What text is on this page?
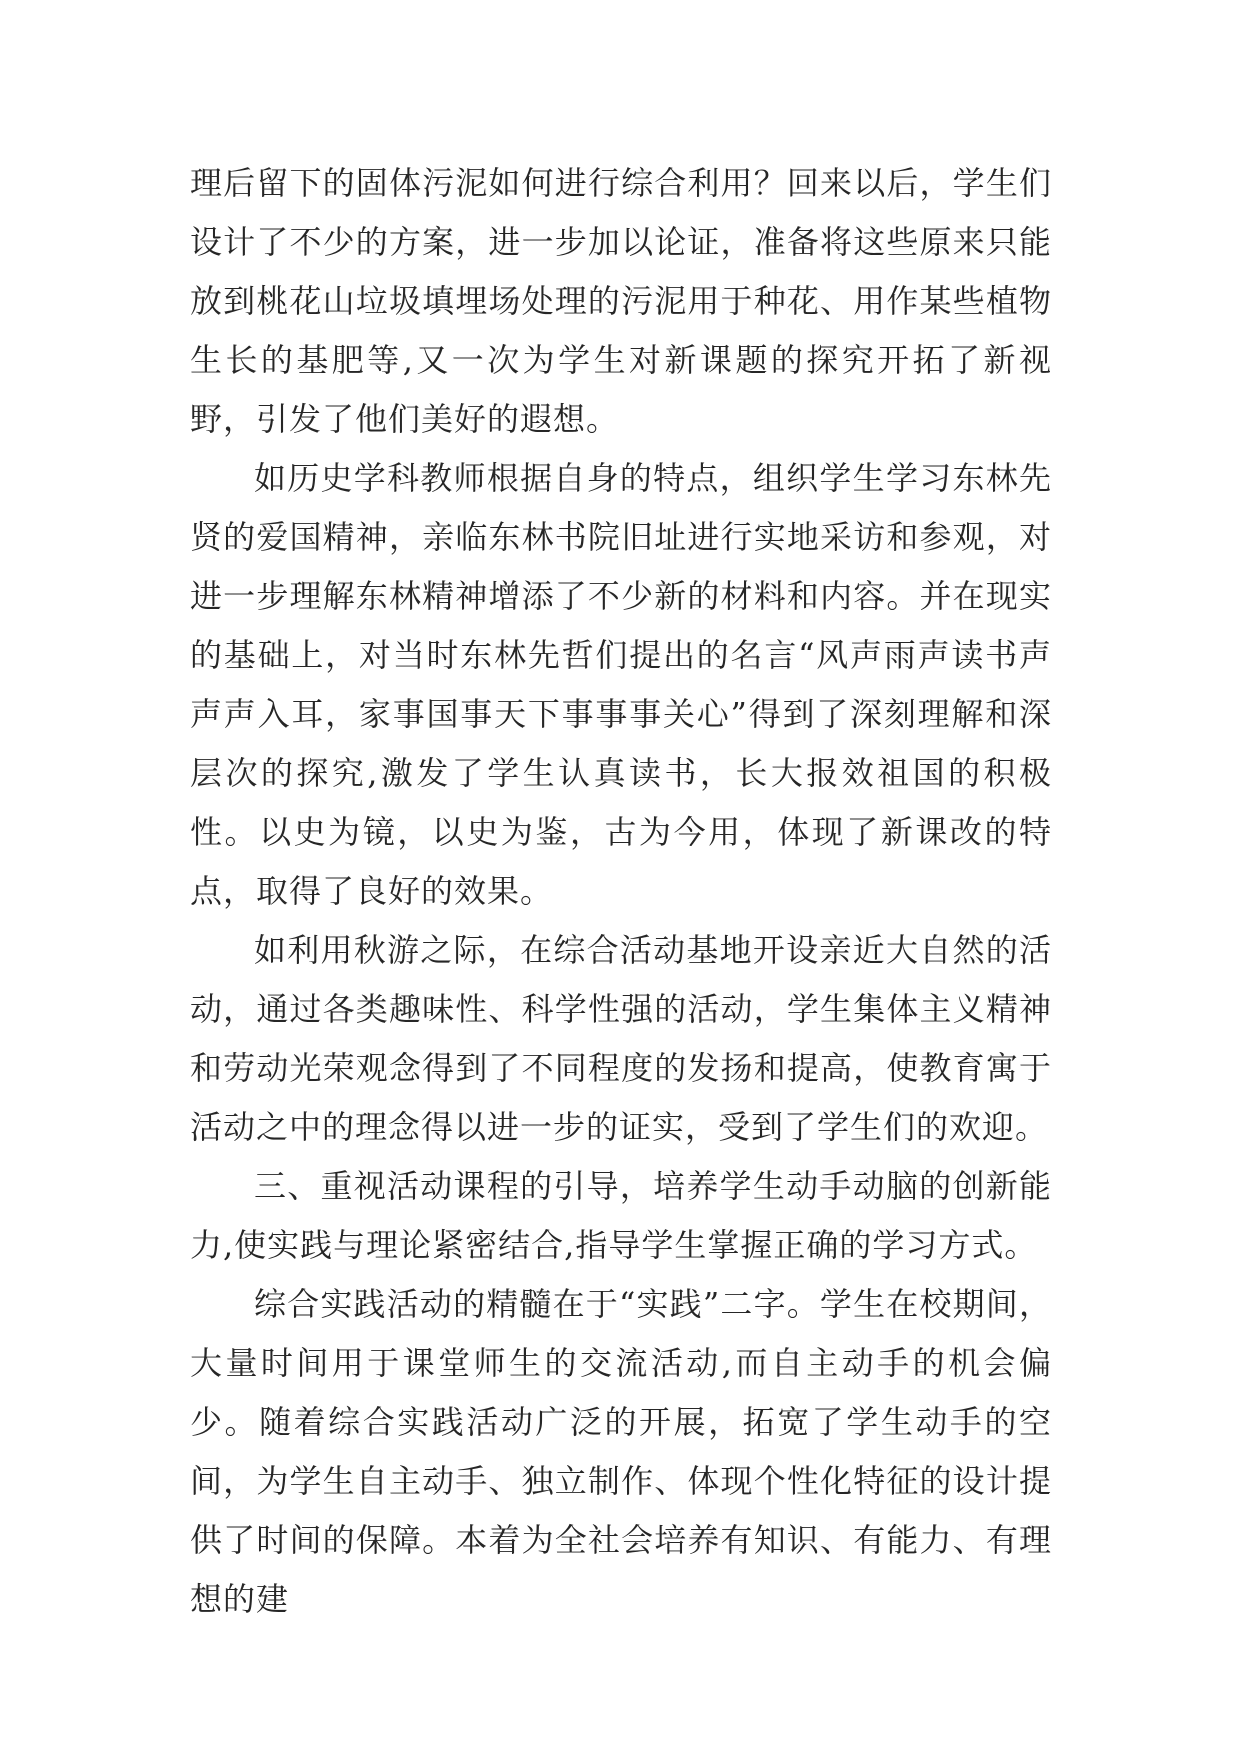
理后留下的固体污泥如何进行综合利用？回来以后，学生们设计了不少的方案，进一步加以论证，准备将这些原来只能放到桃花山垃圾填埋场处理的污泥用于种花、用作某些植物生长的基肥等,又一次为学生对新课题的探究开拓了新视野，引发了他们美好的遐想。

如历史学科教师根据自身的特点，组织学生学习东林先贤的爱国精神，亲临东林书院旧址进行实地采访和参观，对进一步理解东林精神增添了不少新的材料和内容。并在现实的基础上，对当时东林先哲们提出的名言“风声雨声读书声声声入耳，家事国事天下事事事关心”得到了深刻理解和深层次的探究,激发了学生认真读书，长大报效祖国的积极性。以史为镜，以史为鉴，古为今用，体现了新课改的特点，取得了良好的效果。

如利用秋游之际，在综合活动基地开设亲近大自然的活动，通过各类趣味性、科学性强的活动，学生集体主义精神和劳动光荣观念得到了不同程度的发扬和提高，使教育寓于活动之中的理念得以进一步的证实，受到了学生们的欢迎。

三、重视活动课程的引导，培养学生动手动脑的创新能力,使实践与理论紧密结合,指导学生掌握正确的学习方式。

综合实践活动的精髓在于“实践”二字。学生在校期间，大量时间用于课堂师生的交流活动,而自主动手的机会偏少。随着综合实践活动广泛的开展，拓宽了学生动手的空间，为学生自主动手、独立制作、体现个性化特征的设计提供了时间的保障。本着为全社会培养有知识、有能力、有理想的建
